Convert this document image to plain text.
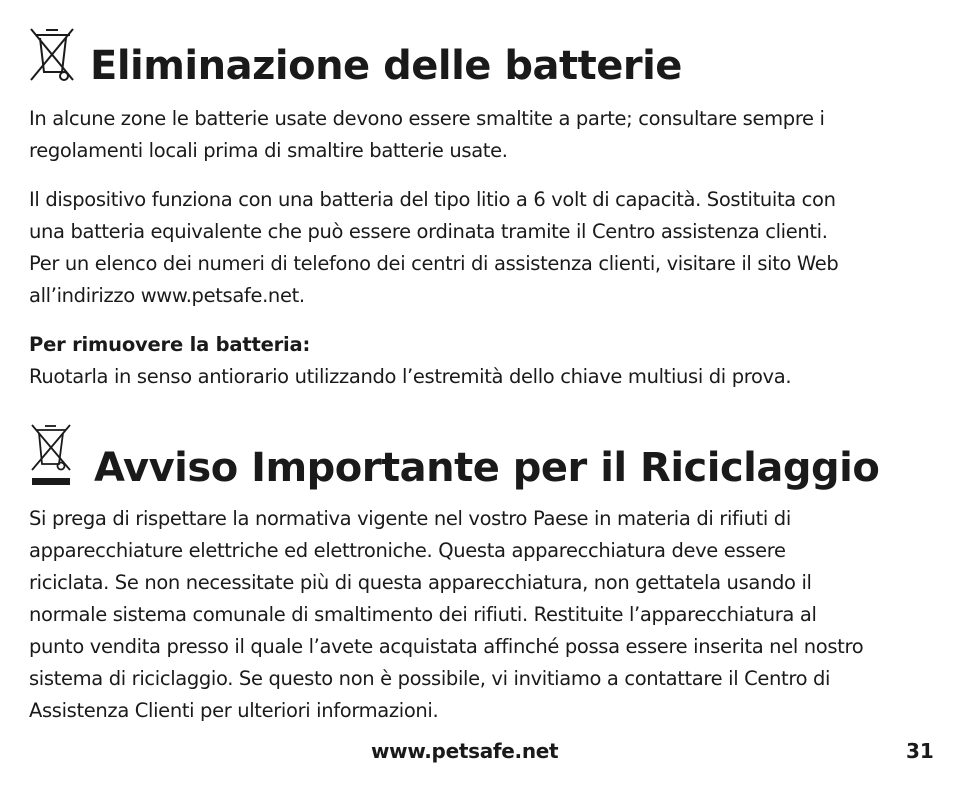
Eliminazione delle batterie

In alcune zone le batterie usate devono essere smaltite a parte; consultare sempre i
regolamenti locali prima di smaltire batterie usate.

Il dispositivo funziona con una batteria del tipo litio a 6 volt di capacità. Sostituita con
una batteria equivalente che può essere ordinata tramite il Centro assistenza clienti.
Per un elenco dei numeri di telefono dei centri di assistenza clienti, visitare il sito Web
all’indirizzo www.petsafe.net.

Per rimuovere la batteria:
Ruotarla in senso antiorario utilizzando l’estremità dello chiave multiusi di prova.

Avviso Importante per il Riciclaggio

Si prega di rispettare la normativa vigente nel vostro Paese in materia di rifiuti di
apparecchiature elettriche ed elettroniche. Questa apparecchiatura deve essere
riciclata. Se non necessitate più di questa apparecchiatura, non gettatela usando il
normale sistema comunale di smaltimento dei rifiuti. Restituite l’apparecchiatura al
punto vendita presso il quale l’avete acquistata affinché possa essere inserita nel nostro
sistema di riciclaggio. Se questo non è possibile, vi invitiamo a contattare il Centro di
Assistenza Clienti per ulteriori informazioni.

www.petsafe.net	31
